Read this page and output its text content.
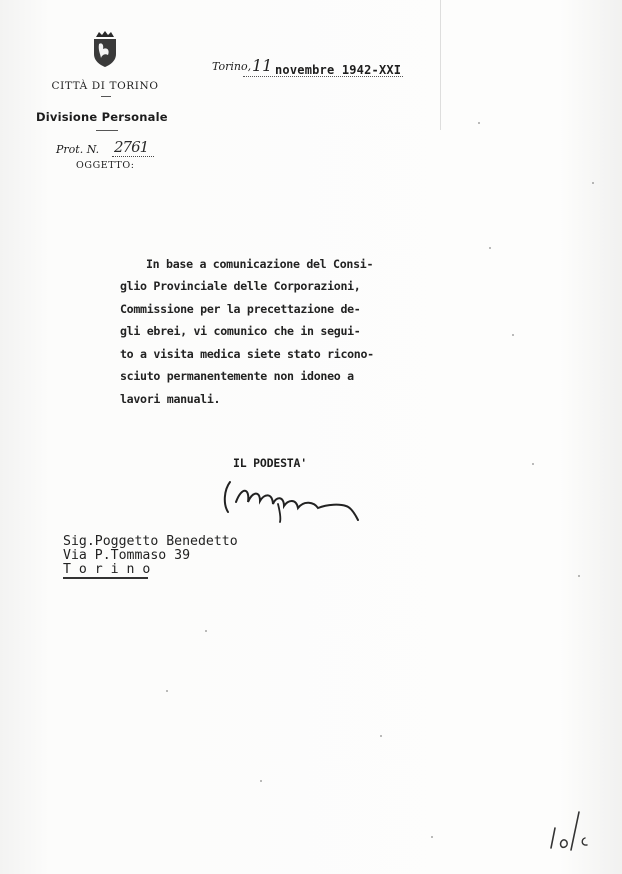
CITTÀ DI TORINO
Divisione Personale
Prot. N. 2761
OGGETTO:
Torino, 11 novembre 1942-XXI
In base a comunicazione del Consi-
glio Provinciale delle Corporazioni,
Commissione per la precettazione de-
gli ebrei, vi comunico che in segui-
to a visita medica siete stato ricono-
sciuto permanentemente non idoneo a
lavori manuali.
IL PODESTA'
Sig.Poggetto Benedetto
Via P.Tommaso 39
T o r i n o
